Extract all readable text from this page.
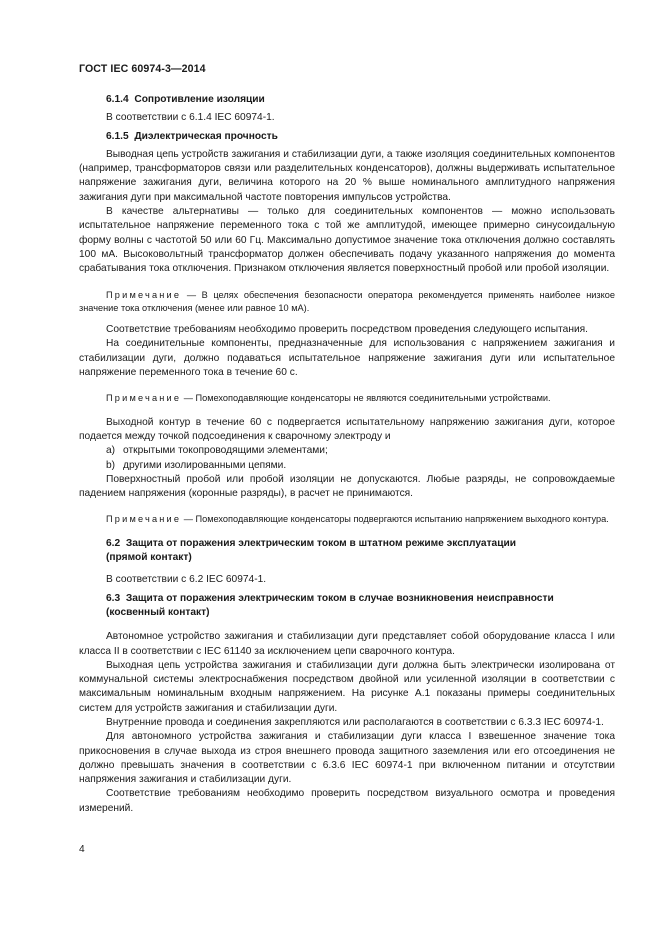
ГОСТ IEC 60974-3—2014

6.1.4 Сопротивление изоляции

В соответствии с 6.1.4 IEC 60974-1.

6.1.5 Диэлектрическая прочность

Выводная цепь устройств зажигания и стабилизации дуги, а также изоляция соединительных компонентов (например, трансформаторов связи или разделительных конденсаторов), должны выдерживать испытательное напряжение зажигания дуги, величина которого на 20 % выше номинального амплитудного напряжения зажигания дуги при максимальной частоте повторения импульсов устройства.

В качестве альтернативы — только для соединительных компонентов — можно использовать испытательное напряжение переменного тока с той же амплитудой, имеющее примерно синусоидальную форму волны с частотой 50 или 60 Гц. Максимально допустимое значение тока отключения должно составлять 100 мА. Высоковольтный трансформатор должен обеспечивать подачу указанного напряжения до момента срабатывания тока отключения. Признаком отключения является поверхностный пробой или пробой изоляции.

Примечание — В целях обеспечения безопасности оператора рекомендуется применять наиболее низкое значение тока отключения (менее или равное 10 мА).

Соответствие требованиям необходимо проверить посредством проведения следующего испытания.

На соединительные компоненты, предназначенные для использования с напряжением зажигания и стабилизации дуги, должно подаваться испытательное напряжение зажигания дуги или испытательное напряжение переменного тока в течение 60 с.

Примечание — Помехоподавляющие конденсаторы не являются соединительными устройствами.

Выходной контур в течение 60 с подвергается испытательному напряжению зажигания дуги, которое подается между точкой подсоединения к сварочному электроду и

а) открытыми токопроводящими элементами;

b) другими изолированными цепями.

Поверхностный пробой или пробой изоляции не допускаются. Любые разряды, не сопровождаемые падением напряжения (коронные разряды), в расчет не принимаются.

Примечание — Помехоподавляющие конденсаторы подвергаются испытанию напряжением выходного контура.

6.2 Защита от поражения электрическим током в штатном режиме эксплуатации
(прямой контакт)

В соответствии с 6.2 IEC 60974-1.

6.3 Защита от поражения электрическим током в случае возникновения неисправности
(косвенный контакт)

Автономное устройство зажигания и стабилизации дуги представляет собой оборудование класса I или класса II в соответствии с IEC 61140 за исключением цепи сварочного контура.

Выходная цепь устройства зажигания и стабилизации дуги должна быть электрически изолирована от коммунальной системы электроснабжения посредством двойной или усиленной изоляции в соответствии с максимальным номинальным входным напряжением. На рисунке А.1 показаны примеры соединительных систем для устройств зажигания и стабилизации дуги.

Внутренние провода и соединения закрепляются или располагаются в соответствии с 6.3.3 IEC 60974-1.

Для автономного устройства зажигания и стабилизации дуги класса I взвешенное значение тока прикосновения в случае выхода из строя внешнего провода защитного заземления или его отсоединения не должно превышать значения в соответствии с 6.3.6 IEC 60974-1 при включенном питании и отсутствии напряжения зажигания и стабилизации дуги.

Соответствие требованиям необходимо проверить посредством визуального осмотра и проведения измерений.

4
